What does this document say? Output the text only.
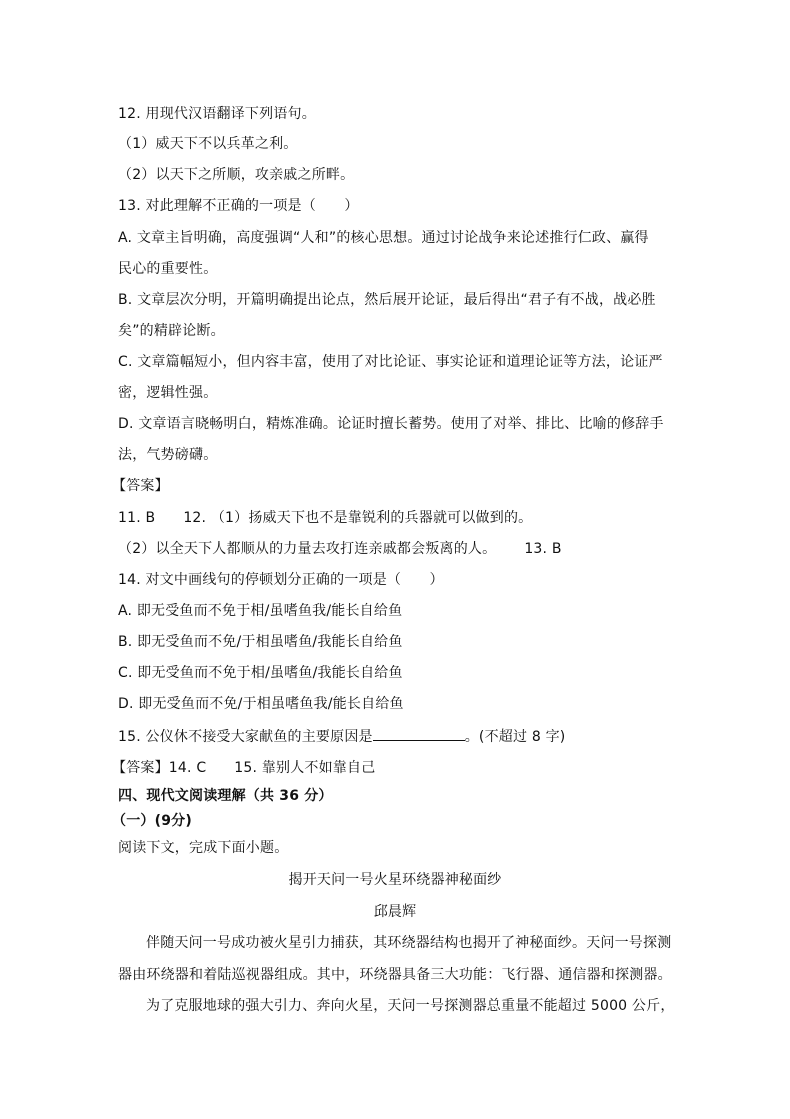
12. 用现代汉语翻译下列语句。
（1）威天下不以兵革之利。
（2）以天下之所顺，攻亲戚之所畔。
13. 对此理解不正确的一项是（　　）
A. 文章主旨明确，高度强调“人和”的核心思想。通过讨论战争来论述推行仁政、赢得
民心的重要性。
B. 文章层次分明，开篇明确提出论点，然后展开论证，最后得出“君子有不战，战必胜
矣”的精辟论断。
C. 文章篇幅短小，但内容丰富，使用了对比论证、事实论证和道理论证等方法，论证严
密，逻辑性强。
D. 文章语言晓畅明白，精炼准确。论证时擅长蓄势。使用了对举、排比、比喻的修辞手
法，气势磅礴。
【答案】
11. B 12. （1）扬威天下也不是靠锐利的兵器就可以做到的。
（2）以全天下人都顺从的力量去攻打连亲戚都会叛离的人。 13. B
14. 对文中画线句的停顿划分正确的一项是（　　）
A. 即无受鱼而不免于相/虽嗜鱼我/能长自给鱼
B. 即无受鱼而不免/于相虽嗜鱼/我能长自给鱼
C. 即无受鱼而不免于相/虽嗜鱼/我能长自给鱼
D. 即无受鱼而不免/于相虽嗜鱼我/能长自给鱼
15. 公仪休不接受大家献鱼的主要原因是	。(不超过 8 字)
【答案】14. C 15. 靠别人不如靠自己
四、现代文阅读理解（共 36 分）
（一）(9分)
阅读下文，完成下面小题。
揭开天问一号火星环绕器神秘面纱
邱晨辉
伴随天问一号成功被火星引力捕获，其环绕器结构也揭开了神秘面纱。天问一号探测
器由环绕器和着陆巡视器组成。其中，环绕器具备三大功能：飞行器、通信器和探测器。
为了克服地球的强大引力、奔向火星，天问一号探测器总重量不能超过 5000 公斤，
